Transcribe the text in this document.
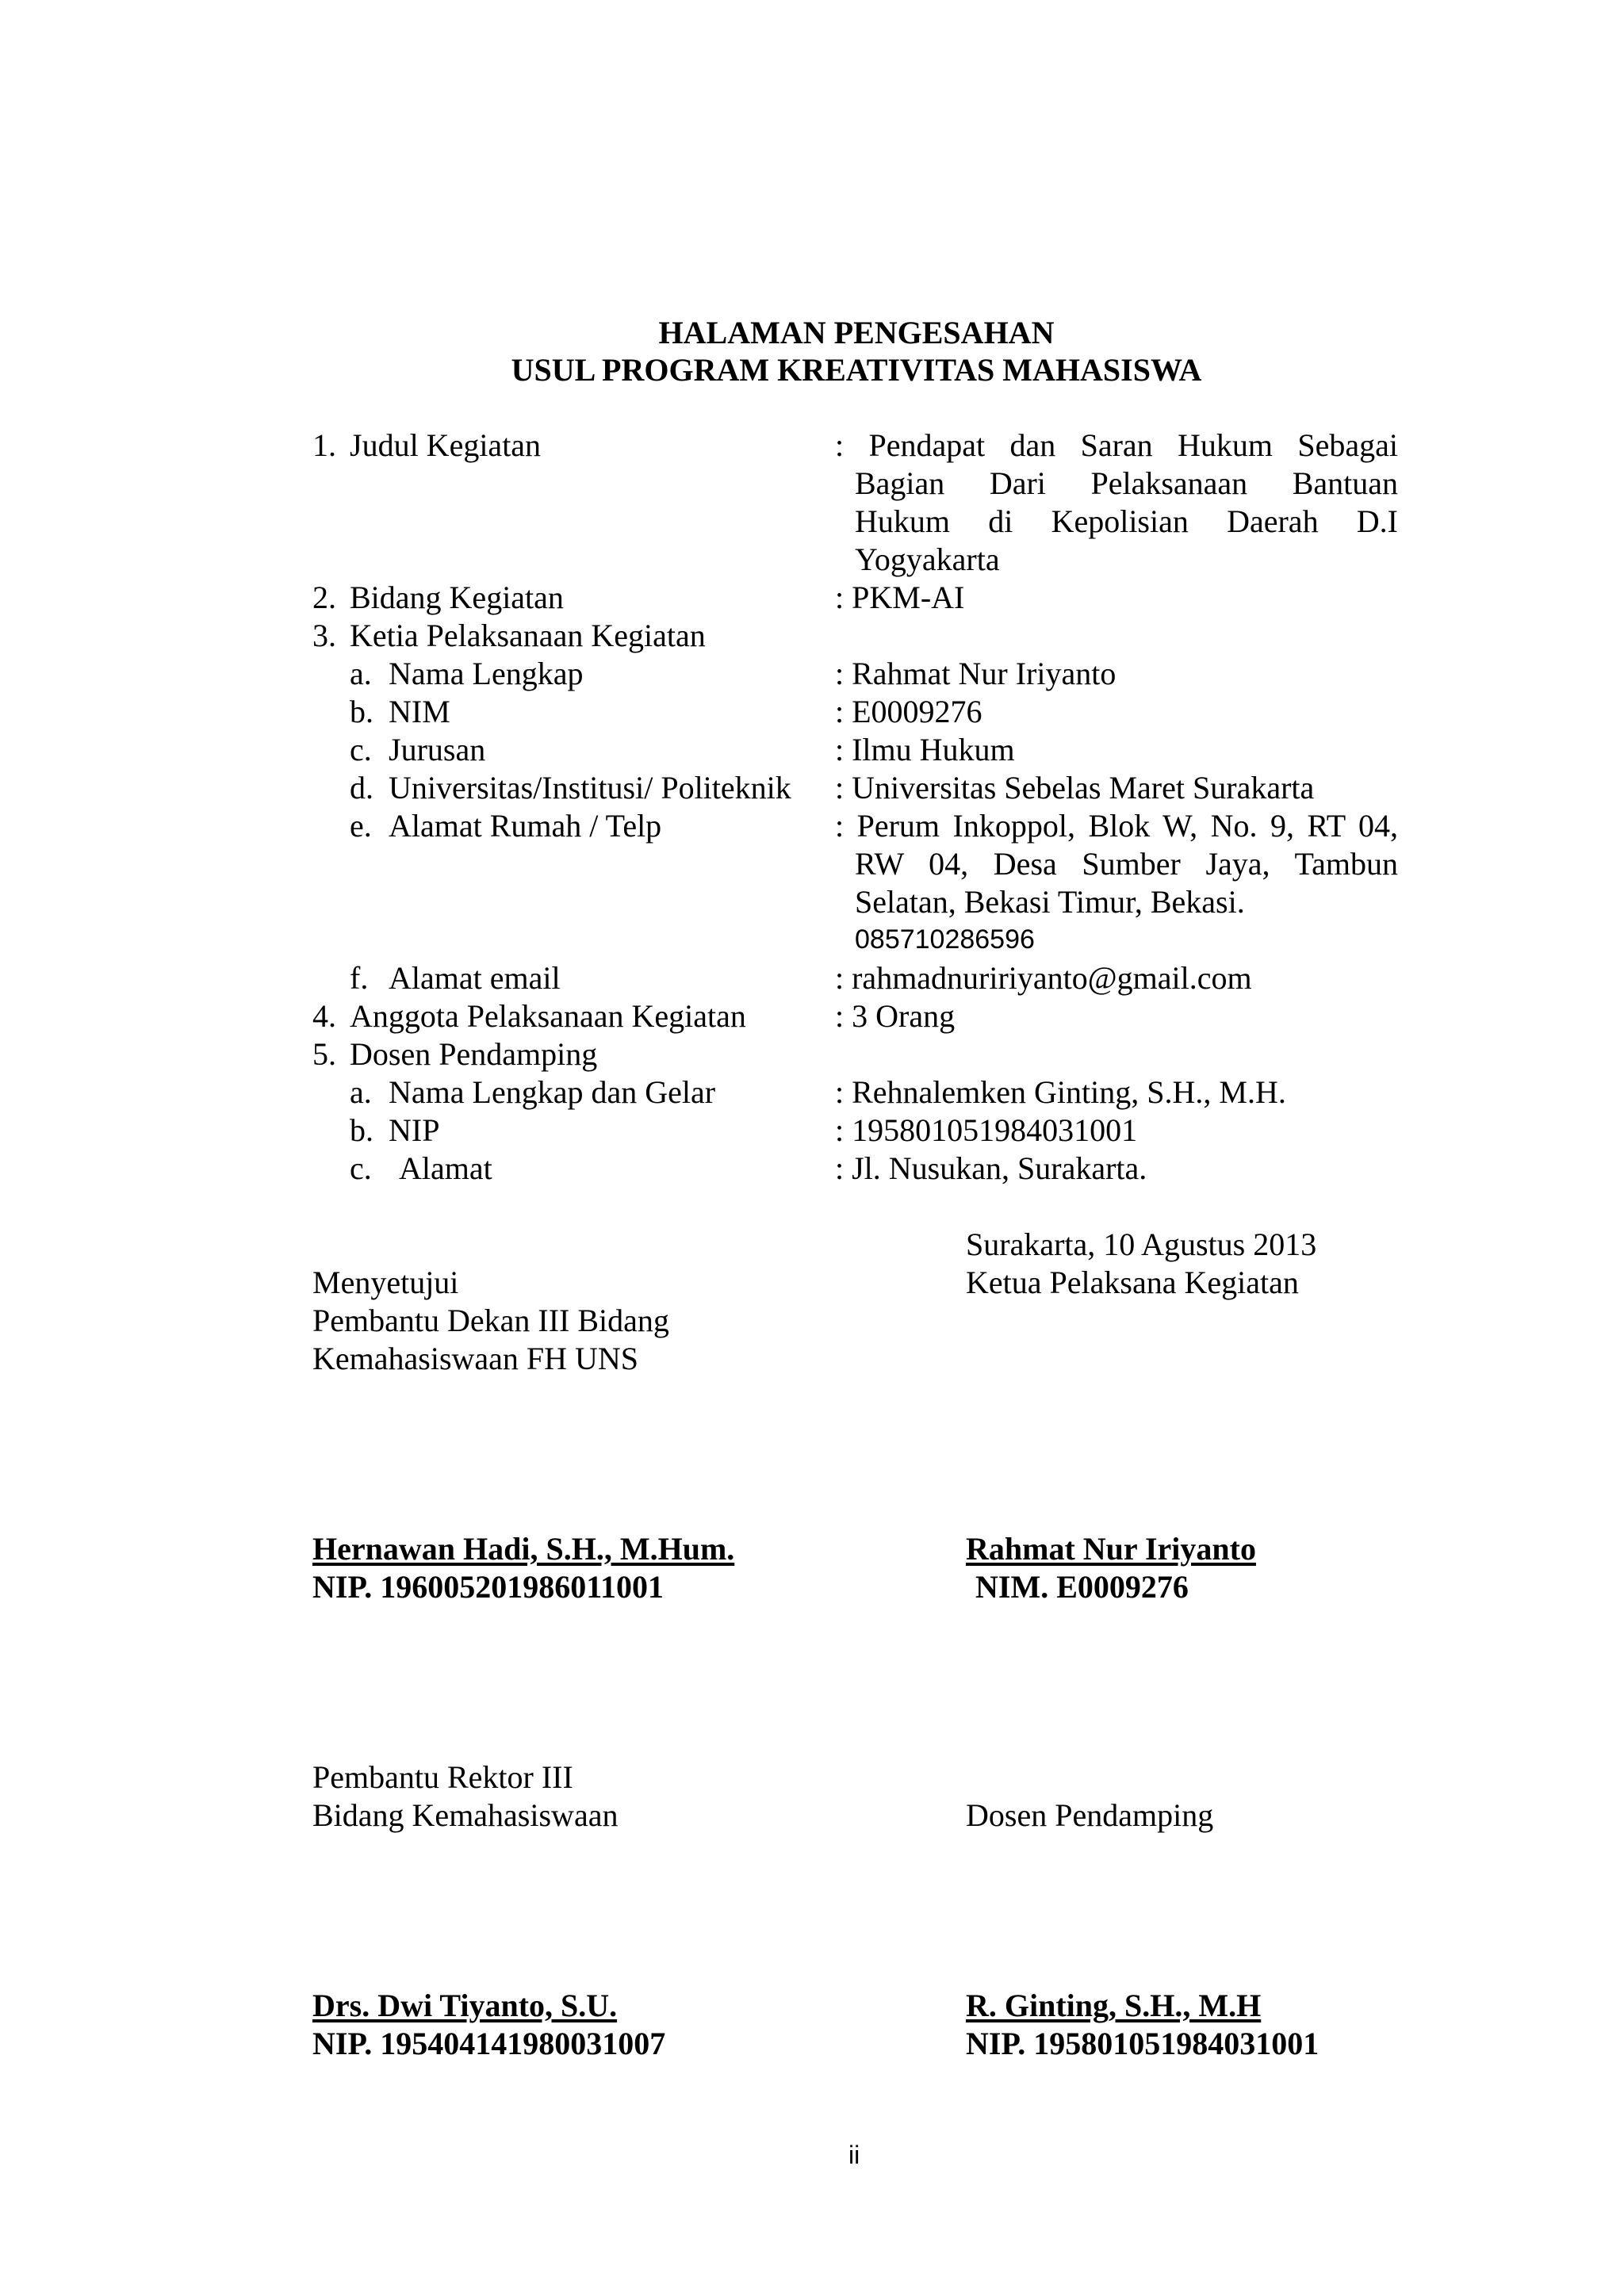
HALAMAN PENGESAHAN
USUL PROGRAM KREATIVITAS MAHASISWA
1. Judul Kegiatan	: Pendapat dan Saran Hukum Sebagai
Bagian Dari Pelaksanaan Bantuan
Hukum di Kepolisian Daerah D.I
Yogyakarta
2. Bidang Kegiatan	: PKM-AI
3. Ketia Pelaksanaan Kegiatan
a. Nama Lengkap	: Rahmat Nur Iriyanto
b. NIM	: E0009276
c. Jurusan	: Ilmu Hukum
d. Universitas/Institusi/ Politeknik : Universitas Sebelas Maret Surakarta
e. Alamat Rumah / Telp	: Perum Inkoppol, Blok W, No. 9, RT 04,
RW 04, Desa Sumber Jaya, Tambun
Selatan, Bekasi Timur, Bekasi.
085710286596
f. Alamat email	: rahmadnuririyanto@gmail.com
4. Anggota Pelaksanaan Kegiatan	: 3 Orang
5. Dosen Pendamping
a. Nama Lengkap dan Gelar	: Rehnalemken Ginting, S.H., M.H.
b. NIP	: 195801051984031001
c. Alamat	: Jl. Nusukan, Surakarta.
Surakarta, 10 Agustus 2013
Menyetujui
Pembantu Dekan III Bidang
Kemahasiswaan FH UNS
Hernawan Hadi, S.H., M.Hum.
NIP. 196005201986011001
Ketua Pelaksana Kegiatan
Rahmat Nur Iriyanto
NIM. E0009276
Pembantu Rektor III
Bidang Kemahasiswaan
Drs. Dwi Tiyanto, S.U.
NIP. 195404141980031007
Dosen Pendamping
R. Ginting, S.H., M.H
NIP. 195801051984031001
ii
